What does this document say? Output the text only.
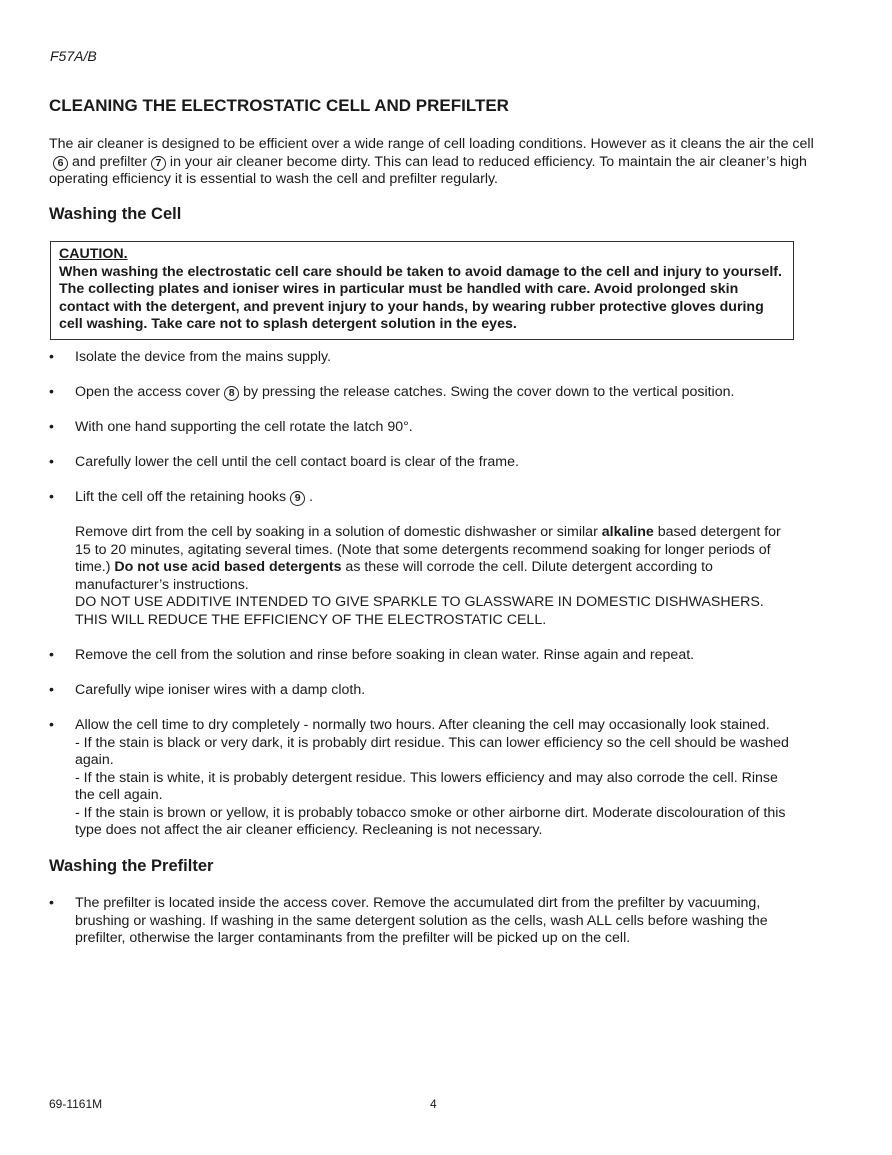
F57A/B
CLEANING THE ELECTROSTATIC CELL AND PREFILTER

The air cleaner is designed to be efficient over a wide range of cell loading conditions. However as it cleans the air the cell6 and prefilter 7 in your air cleaner become dirty. This can lead to reduced efficiency. To maintain the air cleaner’s high operating efficiency it is essential to wash the cell and prefilter regularly.

Washing the Cell
CAUTION.
When washing the electrostatic cell care should be taken to avoid damage to the cell and injury to yourself. The collecting plates and ioniser wires in particular must be handled with care. Avoid prolonged skin contact with the detergent, and prevent injury to your hands, by wearing rubber protective gloves during cell washing. Take care not to splash detergent solution in the eyes.
• Isolate the device from the mains supply.
• Open the access cover 8 by pressing the release catches. Swing the cover down to the vertical position.
• With one hand supporting the cell rotate the latch 90°.
• Carefully lower the cell until the cell contact board is clear of the frame.
• Lift the cell off the retaining hooks 9 .
Remove dirt from the cell by soaking in a solution of domestic dishwasher or similar alkaline based detergent for 15 to 20 minutes, agitating several times. (Note that some detergents recommend soaking for longer periods of time.) Do not use acid based detergents as these will corrode the cell. Dilute detergent according to manufacturer’s instructions.
DO NOT USE ADDITIVE INTENDED TO GIVE SPARKLE TO GLASSWARE IN DOMESTIC DISHWASHERS.
THIS WILL REDUCE THE EFFICIENCY OF THE ELECTROSTATIC CELL.
• Remove the cell from the solution and rinse before soaking in clean water. Rinse again and repeat.
• Carefully wipe ioniser wires with a damp cloth.
• Allow the cell time to dry completely - normally two hours. After cleaning the cell may occasionally look stained.
- If the stain is black or very dark, it is probably dirt residue. This can lower efficiency so the cell should be washed again.
- If the stain is white, it is probably detergent residue. This lowers efficiency and may also corrode the cell. Rinse the cell again.
- If the stain is brown or yellow, it is probably tobacco smoke or other airborne dirt. Moderate discolouration of this type does not affect the air cleaner efficiency. Recleaning is not necessary.
Washing the Prefilter
• The prefilter is located inside the access cover. Remove the accumulated dirt from the prefilter by vacuuming, brushing or washing. If washing in the same detergent solution as the cells, wash ALL cells before washing the prefilter, otherwise the larger contaminants from the prefilter will be picked up on the cell.
69-1161M	4
